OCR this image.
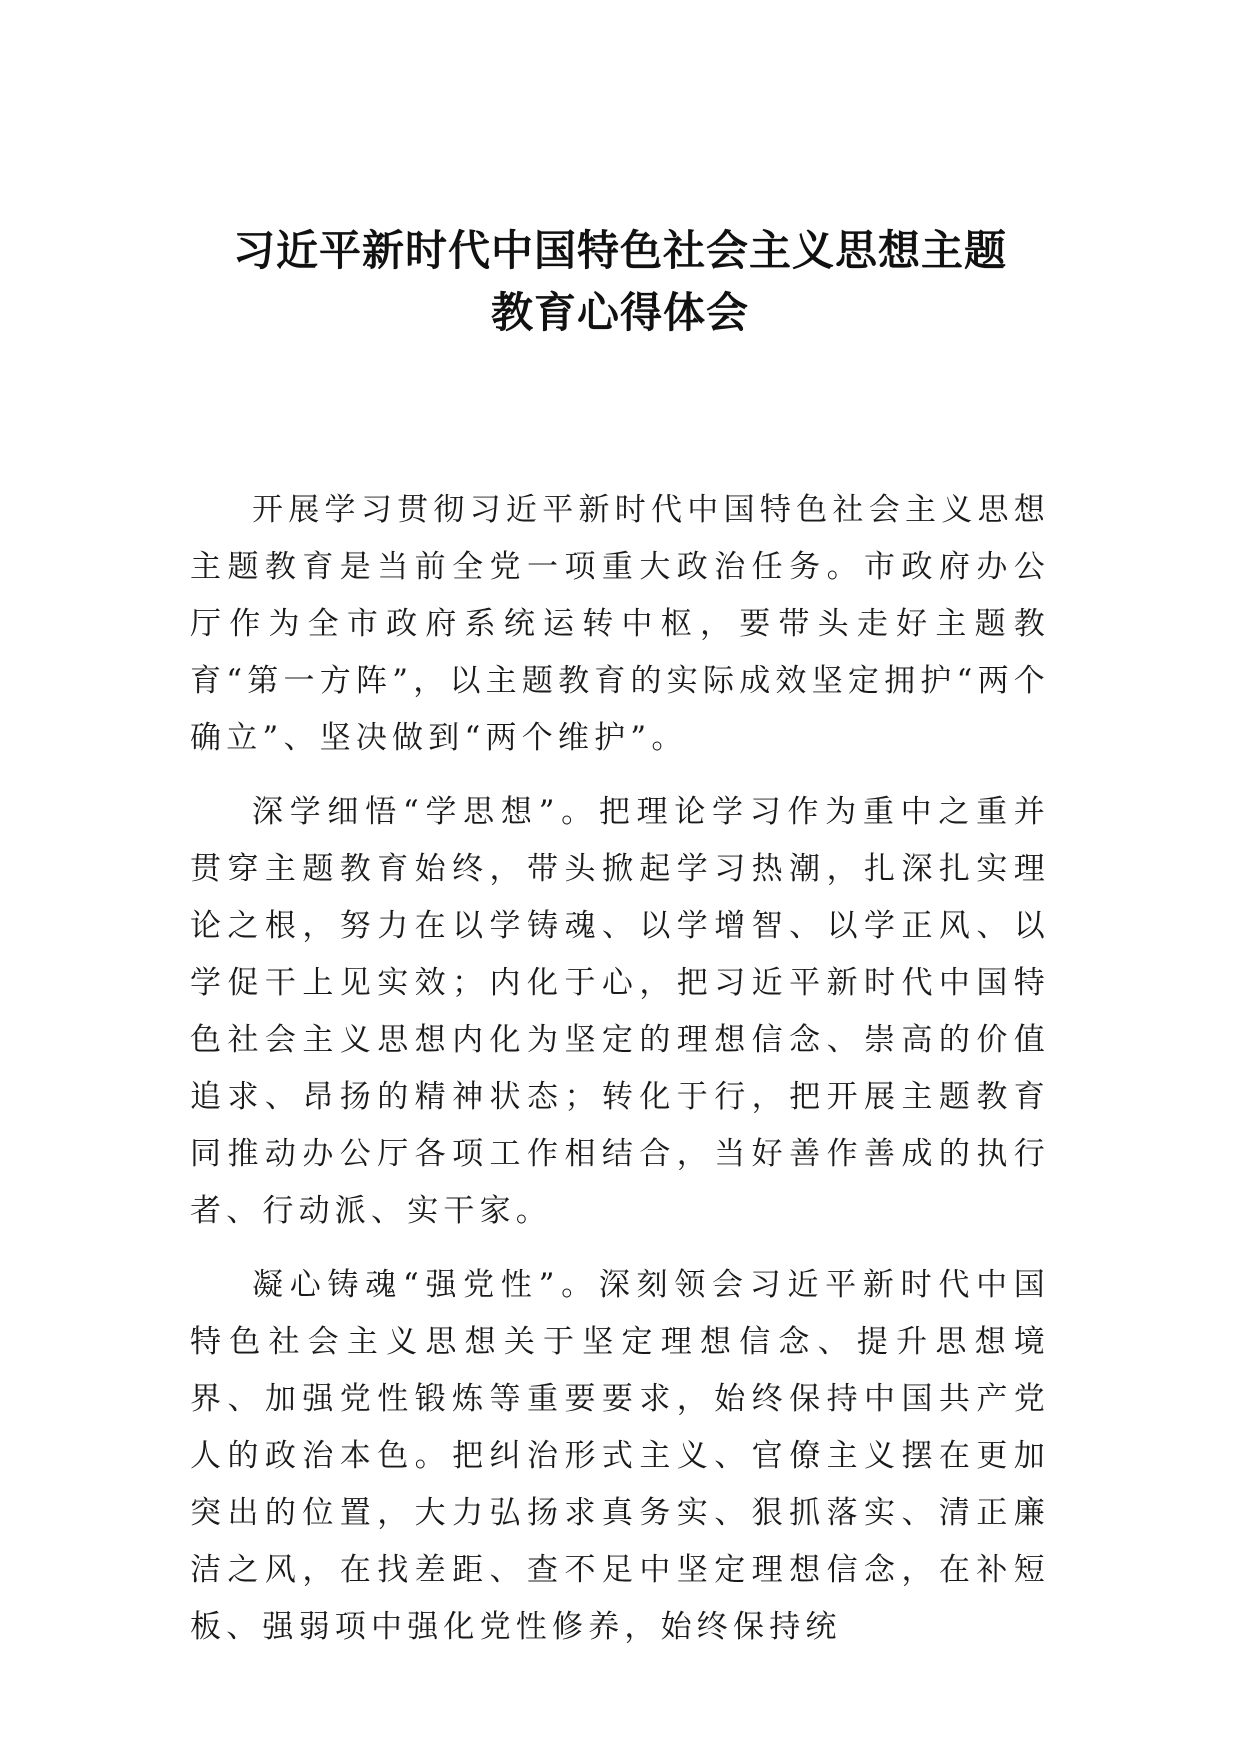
习近平新时代中国特色社会主义思想主题
教育心得体会

开展学习贯彻习近平新时代中国特色社会主义思想主题教育是当前全党一项重大政治任务。市政府办公厅作为全市政府系统运转中枢，要带头走好主题教育“第一方阵”，以主题教育的实际成效坚定拥护“两个确立”、坚决做到“两个维护”。

深学细悟“学思想”。把理论学习作为重中之重并贯穿主题教育始终，带头掀起学习热潮，扎深扎实理论之根，努力在以学铸魂、以学增智、以学正风、以学促干上见实效；内化于心，把习近平新时代中国特色社会主义思想内化为坚定的理想信念、崇高的价值追求、昂扬的精神状态；转化于行，把开展主题教育同推动办公厅各项工作相结合，当好善作善成的执行者、行动派、实干家。

凝心铸魂“强党性”。深刻领会习近平新时代中国特色社会主义思想关于坚定理想信念、提升思想境界、加强党性锻炼等重要要求，始终保持中国共产党人的政治本色。把纠治形式主义、官僚主义摆在更加突出的位置，大力弘扬求真务实、狠抓落实、清正廉洁之风，在找差距、查不足中坚定理想信念，在补短板、强弱项中强化党性修养，始终保持统
